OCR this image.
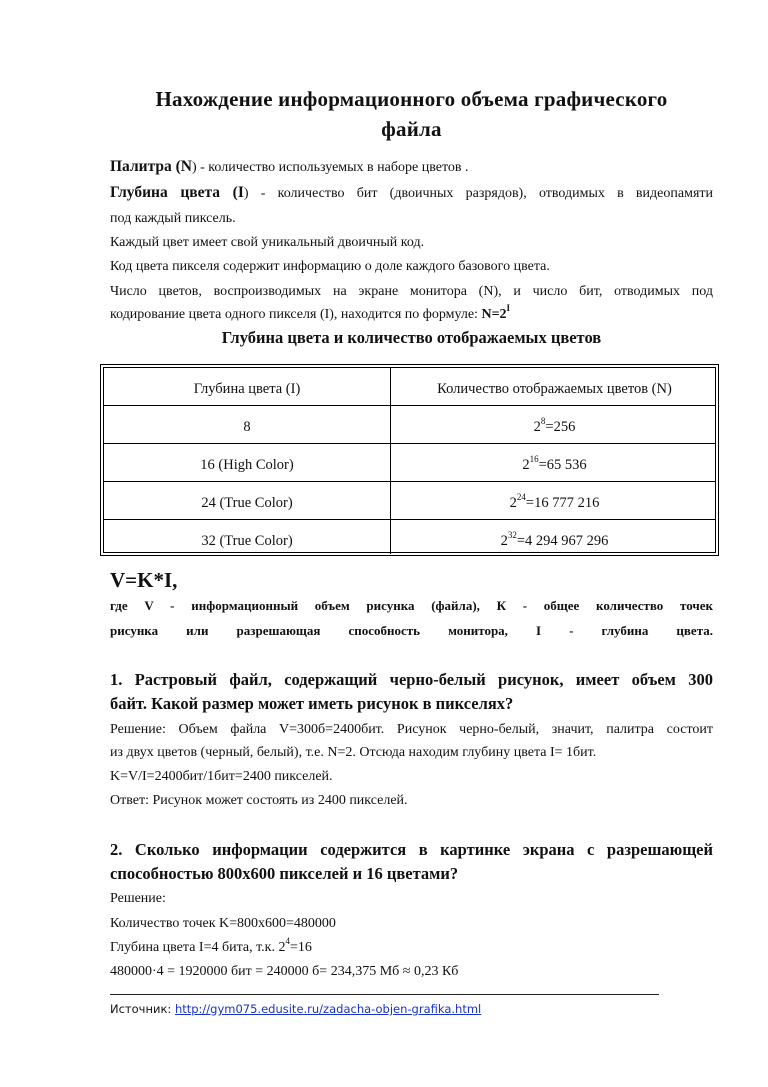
Нахождение информационного объема графического
файла
Палитра (N) - количество используемых в наборе цветов .
Глубина цвета (I) - количество бит (двоичных разрядов), отводимых в видеопамяти
под каждый пиксель.
Каждый цвет имеет свой уникальный двоичный код.
Код цвета пикселя содержит информацию о доле каждого базового цвета.
Число цветов, воспроизводимых на экране монитора (N), и число бит, отводимых под
кодирование цвета одного пикселя (I), находится по формуле: $N=2^I$
Глубина цвета и количество отображаемых цветов
Глубина цвета (I)	Количество отображаемых цветов (N)
8	$2^8=256$
16 (High Color)	$2^{16}=65$ 536
24 (True Color)	$2^{24}=16$ 777 216
32 (True Color)	$2^{32}=4$ 294 967 296
V=K*I,
где V - информационный объем рисунка (файла), К - общее количество точек
рисунка или разрешающая способность монитора, I - глубина цвета.
1. Растровый файл, содержащий черно-белый рисунок, имеет объем 300
байт. Какой размер может иметь рисунок в пикселях?
Решение: Объем файла V=300б=2400бит. Рисунок черно-белый, значит, палитра состоит
из двух цветов (черный, белый), т.е. N=2. Отсюда находим глубину цвета I= 1бит.
K=V/I=2400бит/1бит=2400 пикселей.
Ответ: Рисунок может состоять из 2400 пикселей.
2. Сколько информации содержится в картинке экрана с разрешающей
способностью 800х600 пикселей и 16 цветами?
Решение:
Количество точек K=800x600=480000
Глубина цвета I=4 бита, т.к. $2^4=16$
480000·4 = 1920000 бит = 240000 б= 234,375 Мб ≈ 0,23 Кб
Источник: http://gym075.edusite.ru/zadacha-objen-grafika.html
